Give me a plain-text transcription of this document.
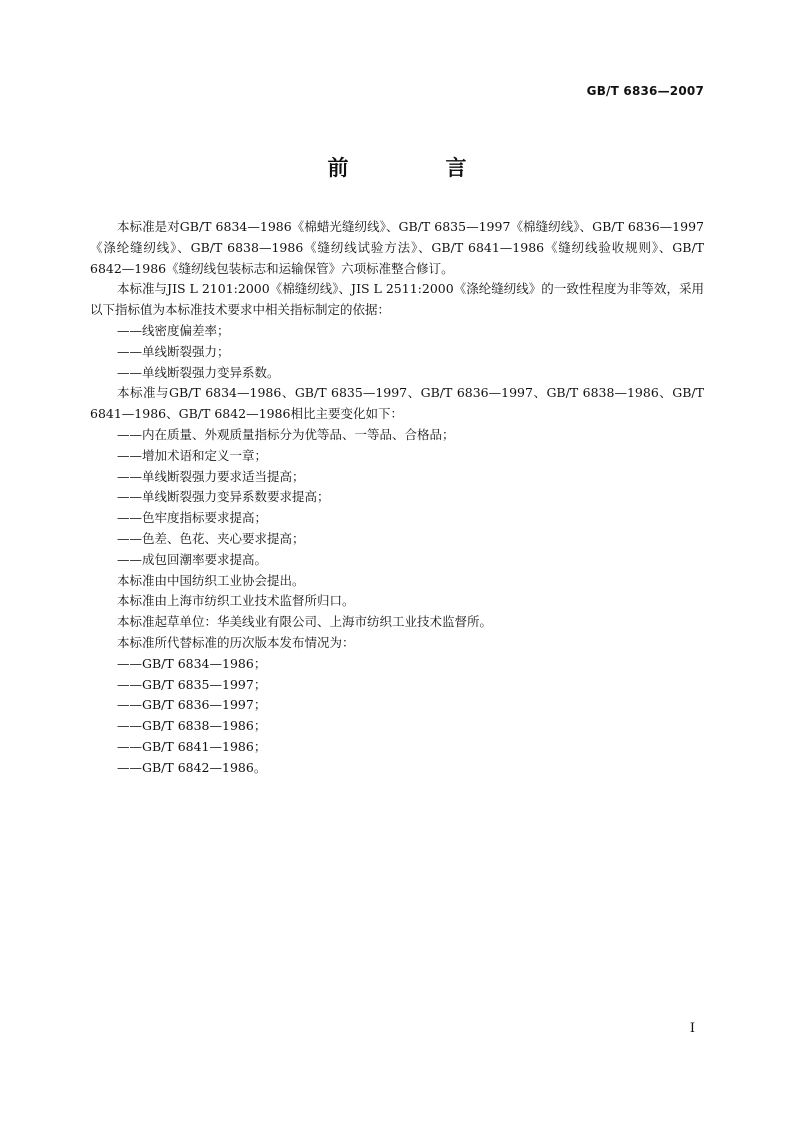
GB/T 6836—2007
前　言

本标准是对GB/T 6834—1986《棉蜡光缝纫线》、GB/T 6835—1997《棉缝纫线》、GB/T 6836—1997《涤纶缝纫线》、GB/T 6838—1986《缝纫线试验方法》、GB/T 6841—1986《缝纫线验收规则》、GB/T 6842—1986《缝纫线包装标志和运输保管》六项标准整合修订。

本标准与JIS L 2101:2000《棉缝纫线》、JIS L 2511:2000《涤纶缝纫线》的一致性程度为非等效，采用以下指标值为本标准技术要求中相关指标制定的依据：

——线密度偏差率；

——单线断裂强力；

——单线断裂强力变异系数。

本标准与GB/T 6834—1986、GB/T 6835—1997、GB/T 6836—1997、GB/T 6838—1986、GB/T 6841—1986、GB/T 6842—1986相比主要变化如下：

——内在质量、外观质量指标分为优等品、一等品、合格品；

——增加术语和定义一章；

——单线断裂强力要求适当提高；

——单线断裂强力变异系数要求提高；

——色牢度指标要求提高；

——色差、色花、夹心要求提高；

——成包回潮率要求提高。

本标准由中国纺织工业协会提出。

本标准由上海市纺织工业技术监督所归口。

本标准起草单位：华美线业有限公司、上海市纺织工业技术监督所。

本标准所代替标准的历次版本发布情况为：

——GB/T 6834—1986；

——GB/T 6835—1997；

——GB/T 6836—1997；

——GB/T 6838—1986；

——GB/T 6841—1986；

——GB/T 6842—1986。

I
